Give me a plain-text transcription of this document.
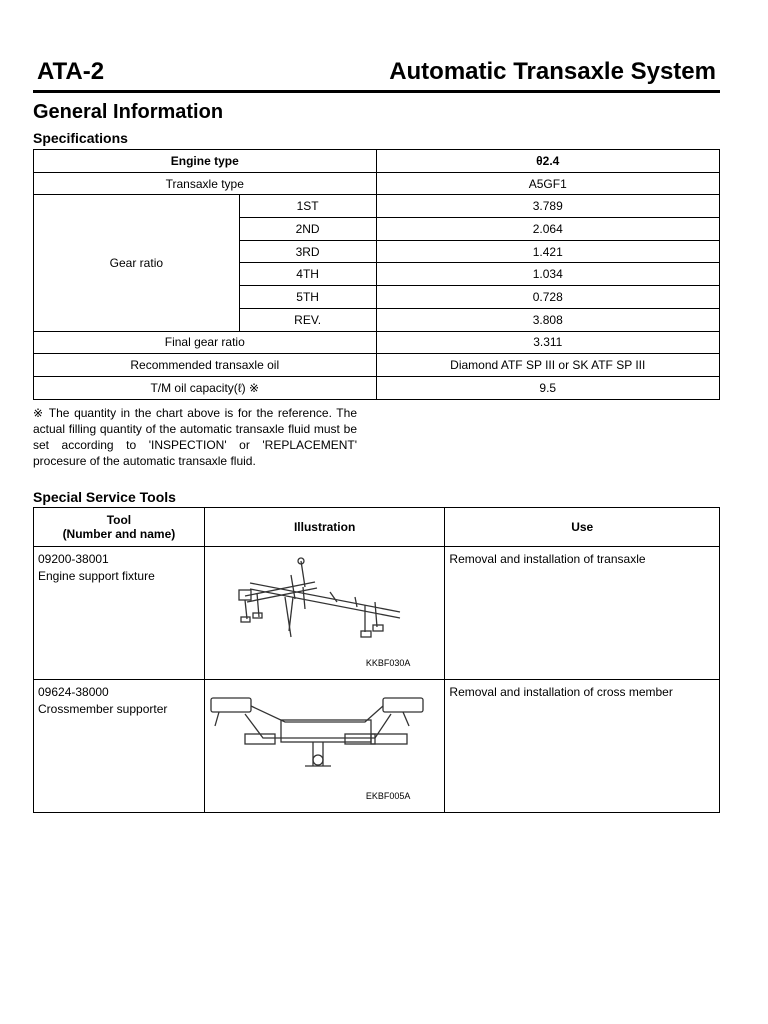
ATA-2	Automatic Transaxle System
General Information
Specifications
Engine type		θ2.4
Transaxle type		A5GF1
Gear ratio	1ST	3.789
	2ND	2.064
	3RD	1.421
	4TH	1.034
	5TH	0.728
	REV.	3.808
Final gear ratio		3.311
Recommended transaxle oil		Diamond ATF SP III or SK ATF SP III
T/M oil capacity(ℓ) ※		9.5
※ The quantity in the chart above is for the reference. The actual filling quantity of the automatic transaxle fluid must be set according to 'INSPECTION' or 'REPLACEMENT' procesure of the automatic transaxle fluid.
Special Service Tools
Tool
(Number and name)	Illustration	Use

09200-38001
Engine support fixture	KKBF030A	Removal and installation of transaxle

09624-38000
Crossmember supporter	EKBF005A	Removal and installation of cross member
